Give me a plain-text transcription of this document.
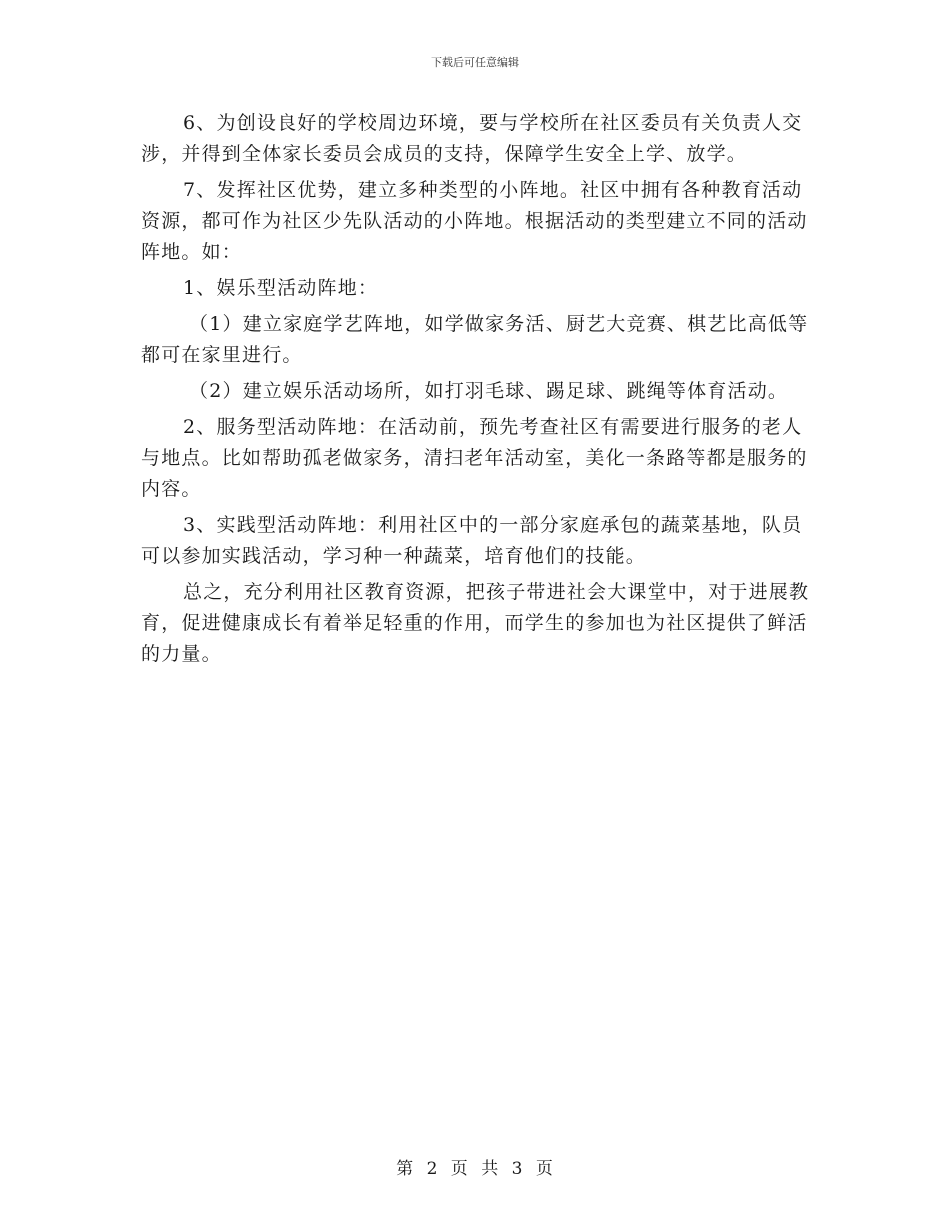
下载后可任意编辑

6、为创设良好的学校周边环境，要与学校所在社区委员有关负责人交涉，并得到全体家长委员会成员的支持，保障学生安全上学、放学。

7、发挥社区优势，建立多种类型的小阵地。社区中拥有各种教育活动资源，都可作为社区少先队活动的小阵地。根据活动的类型建立不同的活动阵地。如：

1、娱乐型活动阵地：

（1）建立家庭学艺阵地，如学做家务活、厨艺大竞赛、棋艺比高低等都可在家里进行。

（2）建立娱乐活动场所，如打羽毛球、踢足球、跳绳等体育活动。

2、服务型活动阵地：在活动前，预先考查社区有需要进行服务的老人与地点。比如帮助孤老做家务，清扫老年活动室，美化一条路等都是服务的内容。

3、实践型活动阵地：利用社区中的一部分家庭承包的蔬菜基地，队员可以参加实践活动，学习种一种蔬菜，培育他们的技能。

总之，充分利用社区教育资源，把孩子带进社会大课堂中，对于进展教育，促进健康成长有着举足轻重的作用，而学生的参加也为社区提供了鲜活的力量。

第 2 页 共 3 页
